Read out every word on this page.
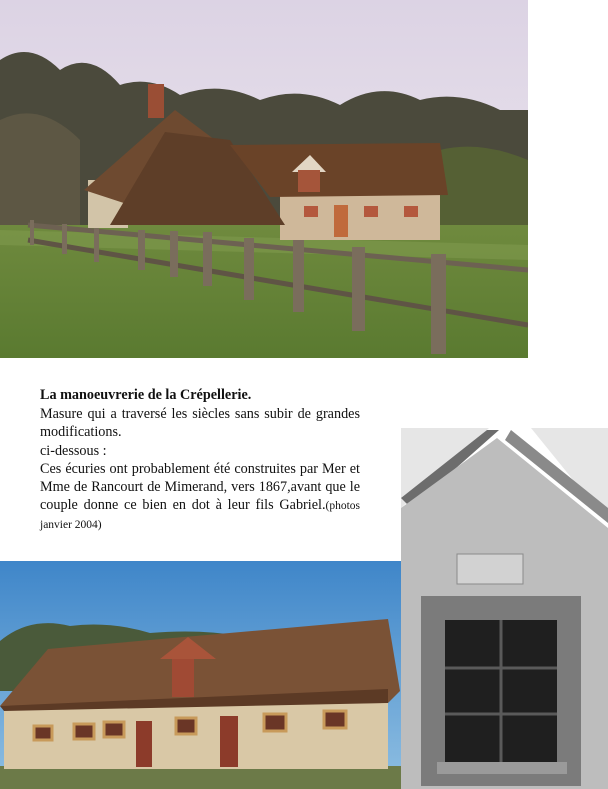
La manoeuvrerie de la Crépellerie.

Masure qui a traversé les siècles sans subir de grandes modifications.

ci-dessous :

Ces écuries ont probablement été construites par Mer et Mme de Rancourt de Mimerand, vers 1867,avant que le couple donne ce bien en dot à leur fils Gabriel.(photos janvier 2004)
